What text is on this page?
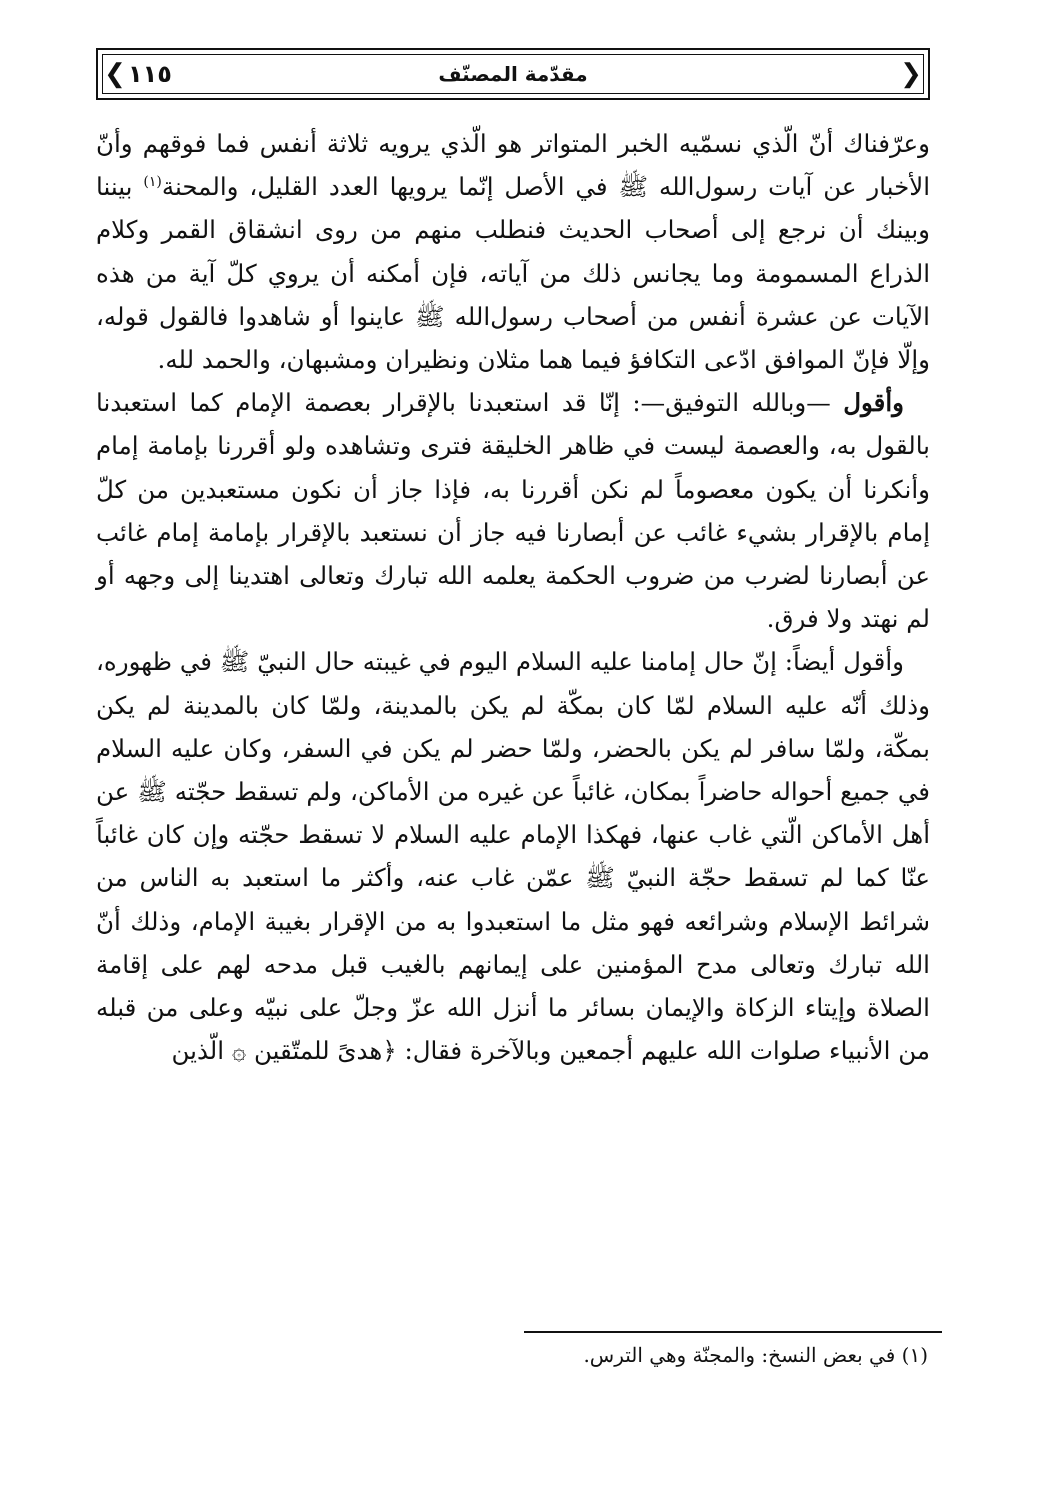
❮	❯
١١٥	مقدّمة المصنّف

وعرّفناك أنّ الّذي نسمّيه الخبر المتواتر هو الّذي يرويه ثلاثة أنفس فما فوقهم وأنّ الأخبار عن آيات رسول‌الله ﷺ في الأصل إنّما يرويها العدد القليل، والمحنة$^{(١)}$ بيننا وبينك أن نرجع إلى أصحاب الحديث فنطلب منهم من روى انشقاق القمر وكلام الذراع المسمومة وما يجانس ذلك من آياته، فإن أمكنه أن يروي كلّ آية من هذه الآيات عن عشرة أنفس من أصحاب رسول‌الله ﷺ عاينوا أو شاهدوا فالقول قوله، وإلّا فإنّ الموافق ادّعى التكافؤ فيما هما مثلان ونظيران ومشبهان، والحمد لله.

وأقول —وبالله التوفيق—: إنّا قد استعبدنا بالإقرار بعصمة الإمام كما استعبدنا بالقول به، والعصمة ليست في ظاهر الخليقة فترى وتشاهده ولو أقررنا بإمامة إمام وأنكرنا أن يكون معصوماً لم نكن أقررنا به، فإذا جاز أن نكون مستعبدين من كلّ إمام بالإقرار بشيء غائب عن أبصارنا فيه جاز أن نستعبد بالإقرار بإمامة إمام غائب عن أبصارنا لضرب من ضروب الحكمة يعلمه الله تبارك وتعالى اهتدينا إلى وجهه أو لم نهتد ولا فرق.

وأقول أيضاً: إنّ حال إمامنا عليه السلام اليوم في غيبته حال النبيّ ﷺ في ظهوره، وذلك أنّه عليه السلام لمّا كان بمكّة لم يكن بالمدينة، ولمّا كان بالمدينة لم يكن بمكّة، ولمّا سافر لم يكن بالحضر، ولمّا حضر لم يكن في السفر، وكان عليه السلام في جميع أحواله حاضراً بمكان، غائباً عن غيره من الأماكن، ولم تسقط حجّته ﷺ عن أهل الأماكن الّتي غاب عنها، فهكذا الإمام عليه السلام لا تسقط حجّته وإن كان غائباً عنّا كما لم تسقط حجّة النبيّ ﷺ عمّن غاب عنه، وأكثر ما استعبد به الناس من شرائط الإسلام وشرائعه فهو مثل ما استعبدوا به من الإقرار بغيبة الإمام، وذلك أنّ الله تبارك وتعالى مدح المؤمنين على إيمانهم بالغيب قبل مدحه لهم على إقامة الصلاة وإيتاء الزكاة والإيمان بسائر ما أنزل الله عزّ وجلّ على نبيّه وعلى من قبله من الأنبياء صلوات الله عليهم أجمعين وبالآخرة فقال: ﴿هدىً للمتّقين ۞ الّذين

(١) في بعض النسخ: والمجنّة وهي الترس.
